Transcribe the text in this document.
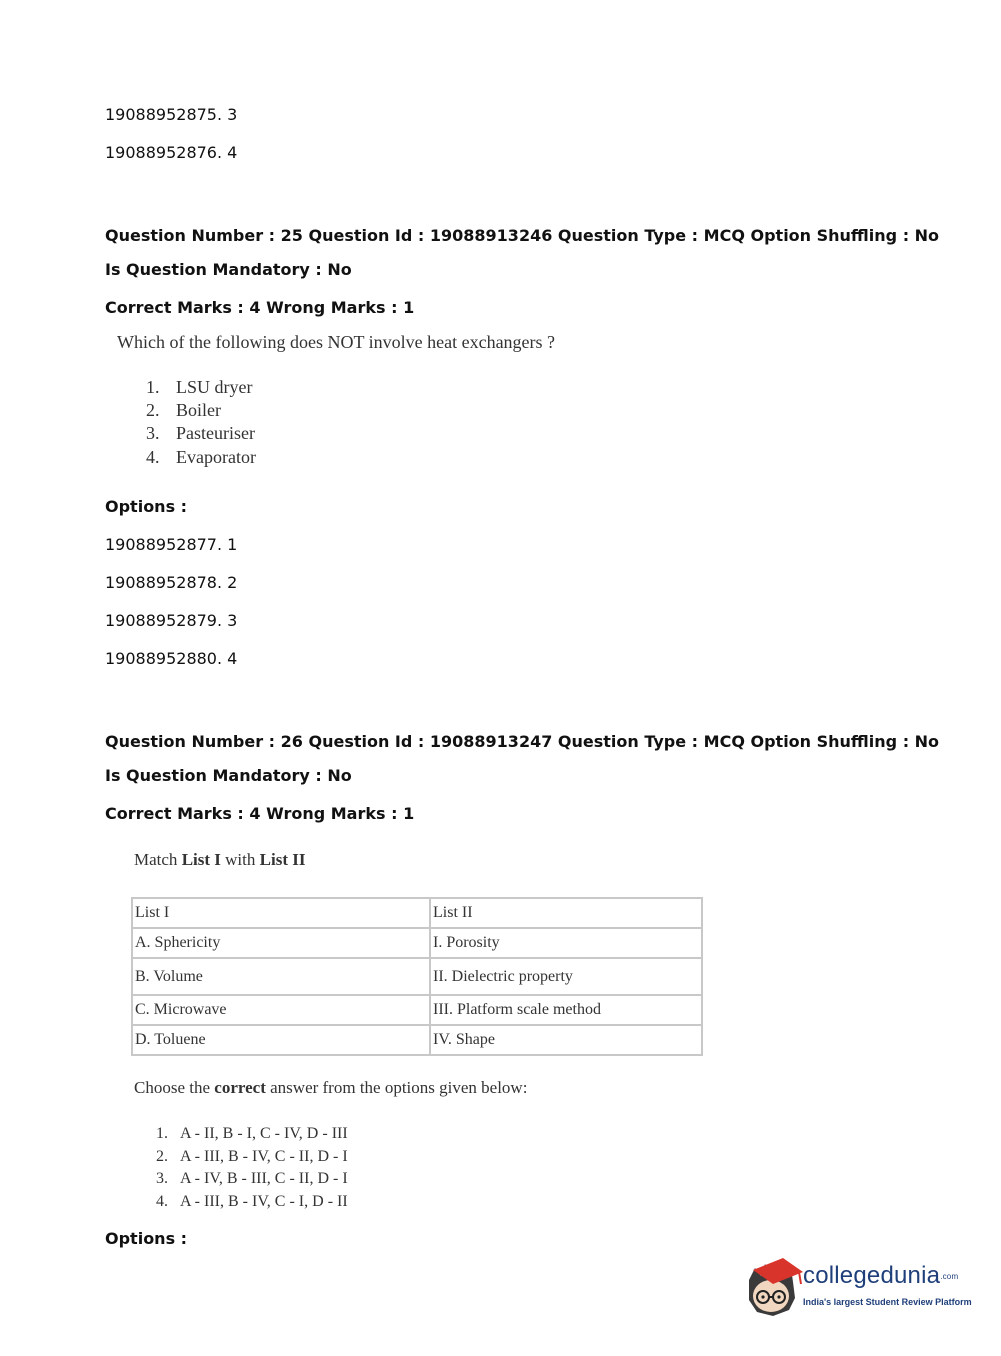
19088952875. 3
19088952876. 4
Question Number : 25 Question Id : 19088913246 Question Type : MCQ Option Shuffling : No
Is Question Mandatory : No
Correct Marks : 4 Wrong Marks : 1
Which of the following does NOT involve heat exchangers ?
1. LSU dryer
2. Boiler
3. Pasteuriser
4. Evaporator
Options :
19088952877. 1
19088952878. 2
19088952879. 3
19088952880. 4
Question Number : 26 Question Id : 19088913247 Question Type : MCQ Option Shuffling : No
Is Question Mandatory : No
Correct Marks : 4 Wrong Marks : 1
Match List I with List II
List I	List II
A. Sphericity	I. Porosity
B. Volume	II. Dielectric property
C. Microwave	III. Platform scale method
D. Toluene	IV. Shape
Choose the correct answer from the options given below:
1. A - II, B - I, C - IV, D - III
2. A - III, B - IV, C - II, D - I
3. A - IV, B - III, C - II, D - I
4. A - III, B - IV, C - I, D - II
Options :
collegedunia.com
India's largest Student Review Platform
